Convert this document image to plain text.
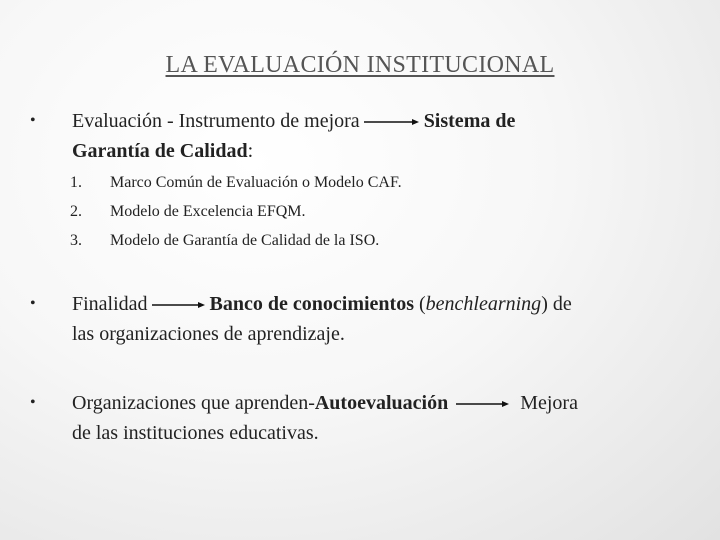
LA EVALUACIÓN INSTITUCIONAL
• Evaluación - Instrumento de mejora	Sistema de
Garantía de Calidad:
1. Marco Común de Evaluación o Modelo CAF.
2. Modelo de Excelencia EFQM.
3. Modelo de Garantía de Calidad de la ISO.
• Finalidad	Banco de conocimientos (benchlearning) de
las organizaciones de aprendizaje.
• Organizaciones que aprenden-Autoevaluación	Mejora
de las instituciones educativas.
